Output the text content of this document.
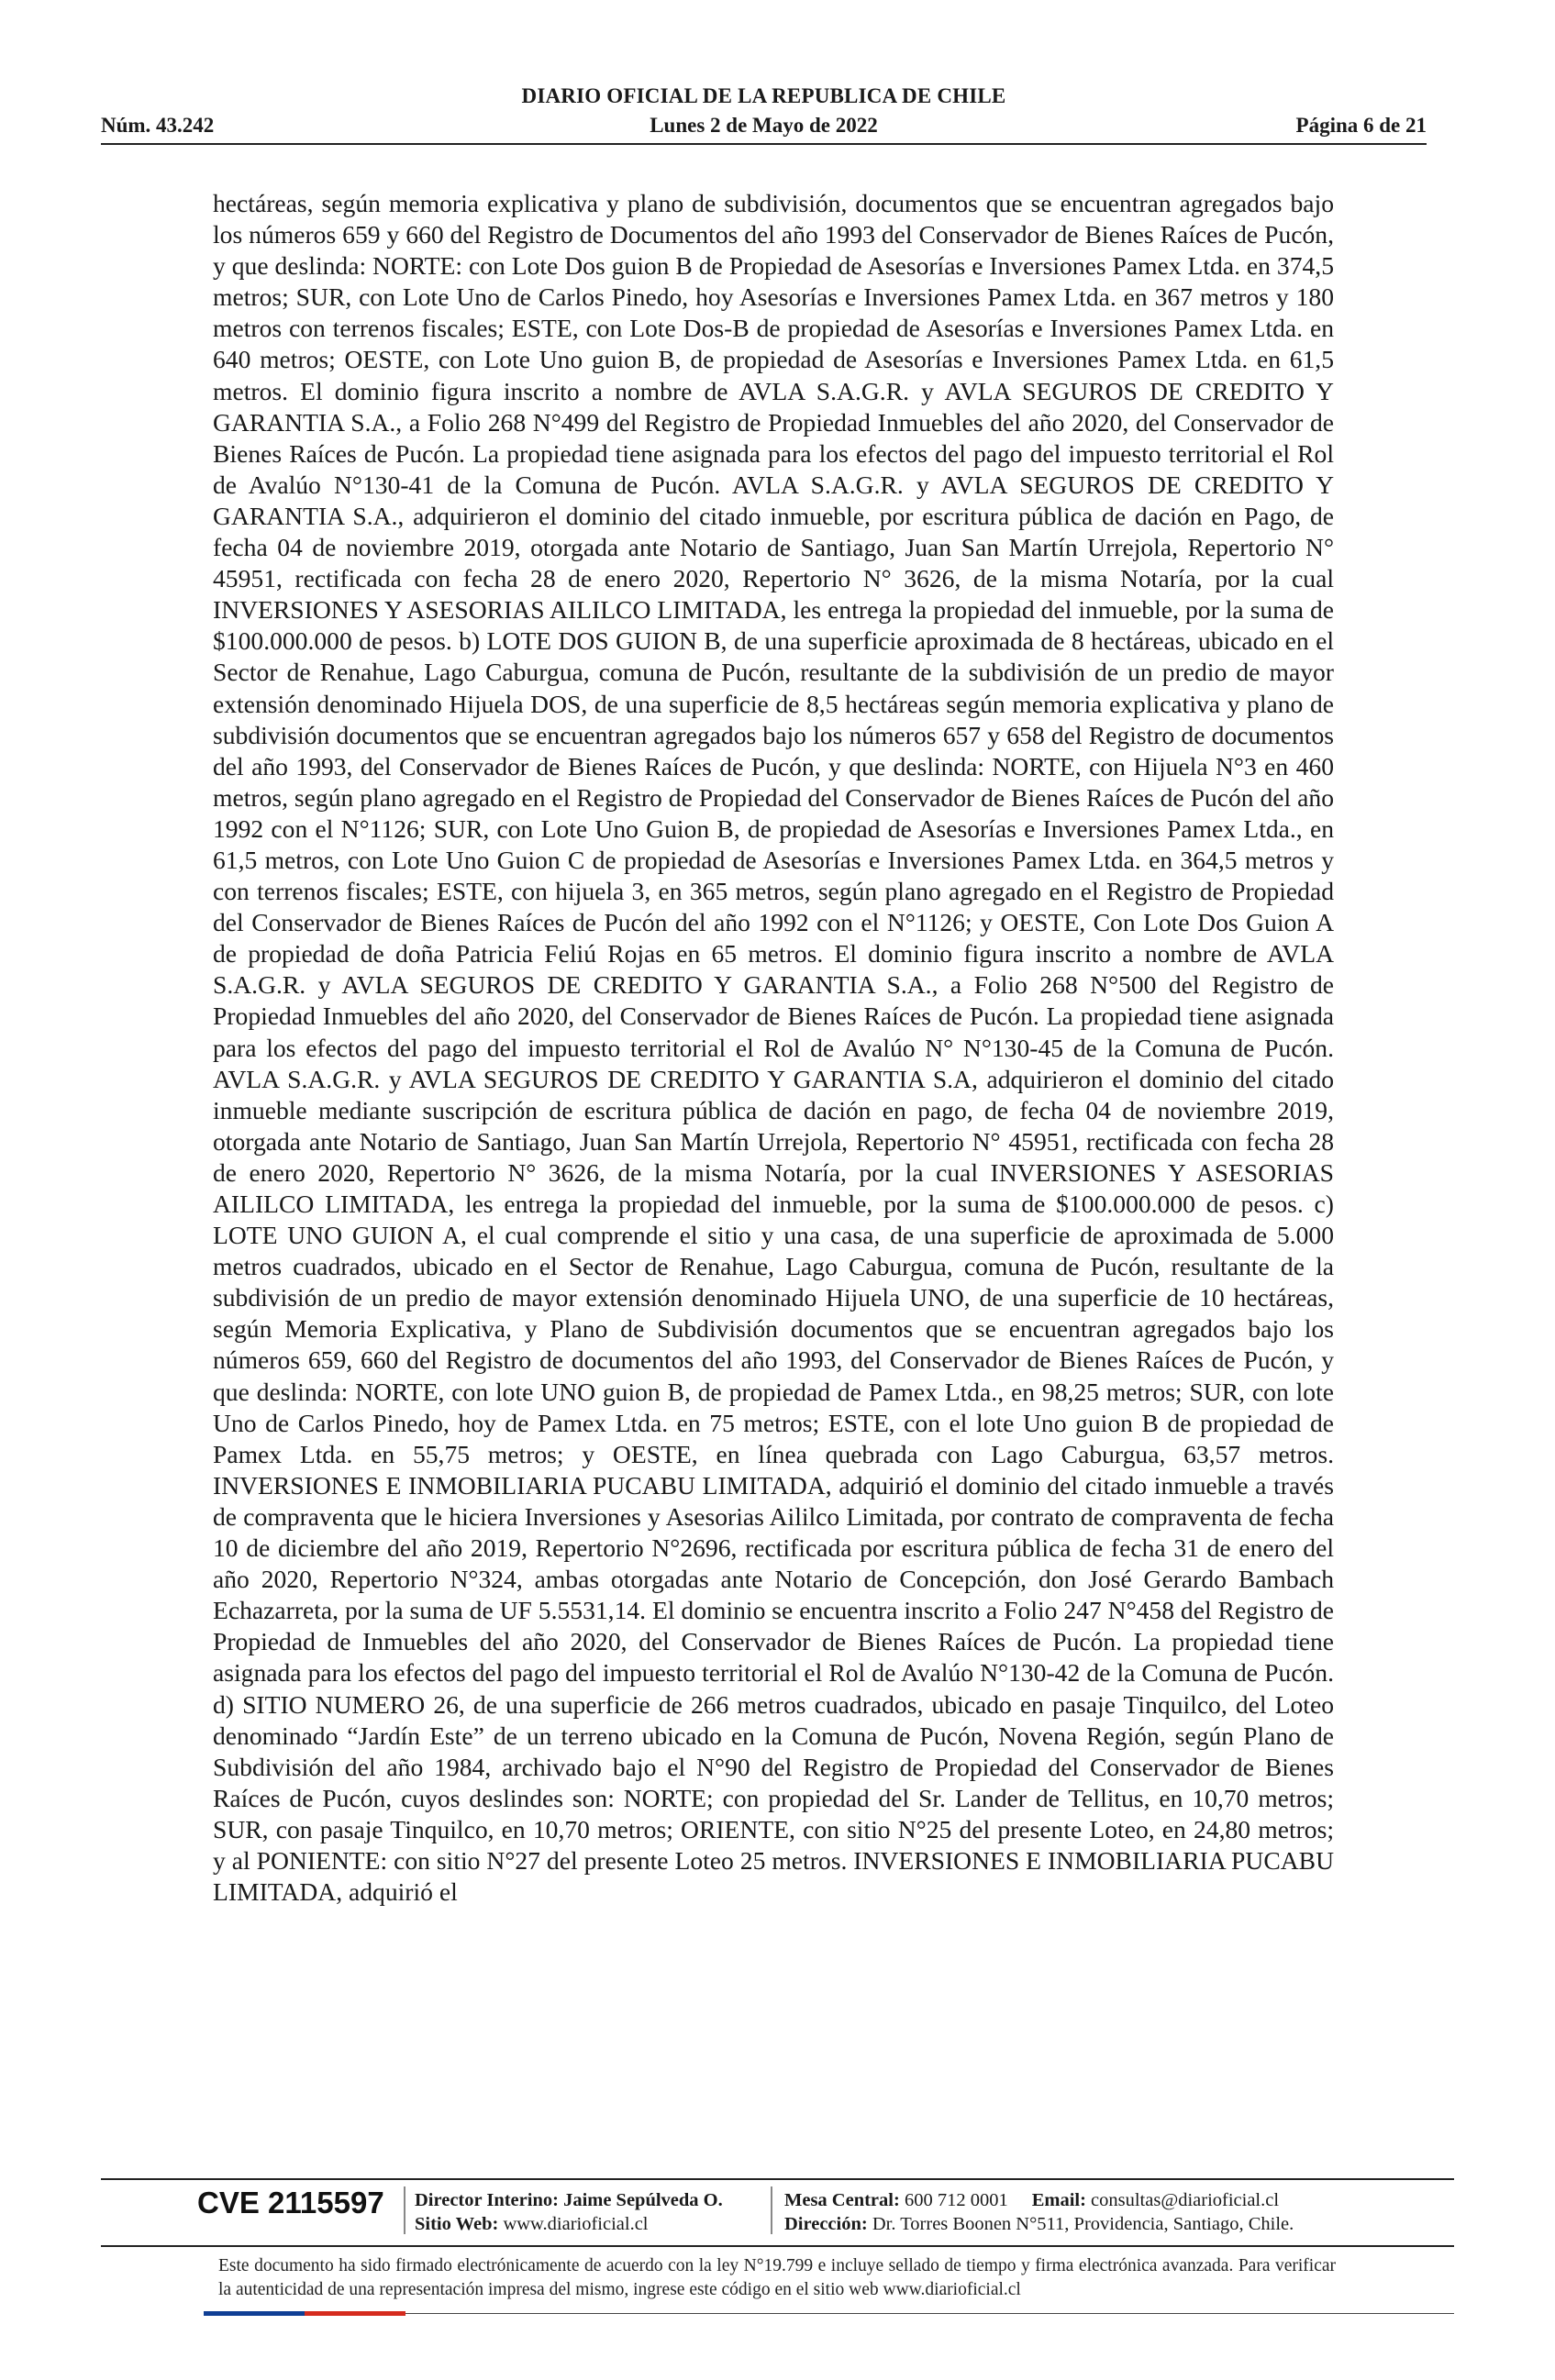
DIARIO OFICIAL DE LA REPUBLICA DE CHILE
Núm. 43.242	Lunes 2 de Mayo de 2022	Página 6 de 21

hectáreas, según memoria explicativa y plano de subdivisión, documentos que se encuentran agregados bajo los números 659 y 660 del Registro de Documentos del año 1993 del Conservador de Bienes Raíces de Pucón, y que deslinda: NORTE: con Lote Dos guion B de Propiedad de Asesorías e Inversiones Pamex Ltda. en 374,5 metros; SUR, con Lote Uno de Carlos Pinedo, hoy Asesorías e Inversiones Pamex Ltda. en 367 metros y 180 metros con terrenos fiscales; ESTE, con Lote Dos-B de propiedad de Asesorías e Inversiones Pamex Ltda. en 640 metros; OESTE, con Lote Uno guion B, de propiedad de Asesorías e Inversiones Pamex Ltda. en 61,5 metros. El dominio figura inscrito a nombre de AVLA S.A.G.R. y AVLA SEGUROS DE CREDITO Y GARANTIA S.A., a Folio 268 N°499 del Registro de Propiedad Inmuebles del año 2020, del Conservador de Bienes Raíces de Pucón. La propiedad tiene asignada para los efectos del pago del impuesto territorial el Rol de Avalúo N°130-41 de la Comuna de Pucón. AVLA S.A.G.R. y AVLA SEGUROS DE CREDITO Y GARANTIA S.A., adquirieron el dominio del citado inmueble, por escritura pública de dación en Pago, de fecha 04 de noviembre 2019, otorgada ante Notario de Santiago, Juan San Martín Urrejola, Repertorio N° 45951, rectificada con fecha 28 de enero 2020, Repertorio N° 3626, de la misma Notaría, por la cual INVERSIONES Y ASESORIAS AILILCO LIMITADA, les entrega la propiedad del inmueble, por la suma de $100.000.000 de pesos. b) LOTE DOS GUION B, de una superficie aproximada de 8 hectáreas, ubicado en el Sector de Renahue, Lago Caburgua, comuna de Pucón, resultante de la subdivisión de un predio de mayor extensión denominado Hijuela DOS, de una superficie de 8,5 hectáreas según memoria explicativa y plano de subdivisión documentos que se encuentran agregados bajo los números 657 y 658 del Registro de documentos del año 1993, del Conservador de Bienes Raíces de Pucón, y que deslinda: NORTE, con Hijuela N°3 en 460 metros, según plano agregado en el Registro de Propiedad del Conservador de Bienes Raíces de Pucón del año 1992 con el N°1126; SUR, con Lote Uno Guion B, de propiedad de Asesorías e Inversiones Pamex Ltda., en 61,5 metros, con Lote Uno Guion C de propiedad de Asesorías e Inversiones Pamex Ltda. en 364,5 metros y con terrenos fiscales; ESTE, con hijuela 3, en 365 metros, según plano agregado en el Registro de Propiedad del Conservador de Bienes Raíces de Pucón del año 1992 con el N°1126; y OESTE, Con Lote Dos Guion A de propiedad de doña Patricia Feliú Rojas en 65 metros. El dominio figura inscrito a nombre de AVLA S.A.G.R. y AVLA SEGUROS DE CREDITO Y GARANTIA S.A., a Folio 268 N°500 del Registro de Propiedad Inmuebles del año 2020, del Conservador de Bienes Raíces de Pucón. La propiedad tiene asignada para los efectos del pago del impuesto territorial el Rol de Avalúo N° N°130-45 de la Comuna de Pucón. AVLA S.A.G.R. y AVLA SEGUROS DE CREDITO Y GARANTIA S.A, adquirieron el dominio del citado inmueble mediante suscripción de escritura pública de dación en pago, de fecha 04 de noviembre 2019, otorgada ante Notario de Santiago, Juan San Martín Urrejola, Repertorio N° 45951, rectificada con fecha 28 de enero 2020, Repertorio N° 3626, de la misma Notaría, por la cual INVERSIONES Y ASESORIAS AILILCO LIMITADA, les entrega la propiedad del inmueble, por la suma de $100.000.000 de pesos. c) LOTE UNO GUION A, el cual comprende el sitio y una casa, de una superficie de aproximada de 5.000 metros cuadrados, ubicado en el Sector de Renahue, Lago Caburgua, comuna de Pucón, resultante de la subdivisión de un predio de mayor extensión denominado Hijuela UNO, de una superficie de 10 hectáreas, según Memoria Explicativa, y Plano de Subdivisión documentos que se encuentran agregados bajo los números 659, 660 del Registro de documentos del año 1993, del Conservador de Bienes Raíces de Pucón, y que deslinda: NORTE, con lote UNO guion B, de propiedad de Pamex Ltda., en 98,25 metros; SUR, con lote Uno de Carlos Pinedo, hoy de Pamex Ltda. en 75 metros; ESTE, con el lote Uno guion B de propiedad de Pamex Ltda. en 55,75 metros; y OESTE, en línea quebrada con Lago Caburgua, 63,57 metros. INVERSIONES E INMOBILIARIA PUCABU LIMITADA, adquirió el dominio del citado inmueble a través de compraventa que le hiciera Inversiones y Asesorias Aililco Limitada, por contrato de compraventa de fecha 10 de diciembre del año 2019, Repertorio N°2696, rectificada por escritura pública de fecha 31 de enero del año 2020, Repertorio N°324, ambas otorgadas ante Notario de Concepción, don José Gerardo Bambach Echazarreta, por la suma de UF 5.5531,14. El dominio se encuentra inscrito a Folio 247 N°458 del Registro de Propiedad de Inmuebles del año 2020, del Conservador de Bienes Raíces de Pucón. La propiedad tiene asignada para los efectos del pago del impuesto territorial el Rol de Avalúo N°130-42 de la Comuna de Pucón. d) SITIO NUMERO 26, de una superficie de 266 metros cuadrados, ubicado en pasaje Tinquilco, del Loteo denominado “Jardín Este” de un terreno ubicado en la Comuna de Pucón, Novena Región, según Plano de Subdivisión del año 1984, archivado bajo el N°90 del Registro de Propiedad del Conservador de Bienes Raíces de Pucón, cuyos deslindes son: NORTE; con propiedad del Sr. Lander de Tellitus, en 10,70 metros; SUR, con pasaje Tinquilco, en 10,70 metros; ORIENTE, con sitio N°25 del presente Loteo, en 24,80 metros; y al PONIENTE: con sitio N°27 del presente Loteo 25 metros. INVERSIONES E INMOBILIARIA PUCABU LIMITADA, adquirió el

CVE 2115597 Director Interino: Jaime Sepúlveda O.
Sitio Web: www.diarioficial.cl
Mesa Central: 600 712 0001 Email: consultas@diarioficial.cl
Dirección: Dr. Torres Boonen N°511, Providencia, Santiago, Chile.
Este documento ha sido firmado electrónicamente de acuerdo con la ley N°19.799 e incluye sellado de tiempo y firma electrónica avanzada. Para verificar la autenticidad de una representación impresa del mismo, ingrese este código en el sitio web www.diarioficial.cl
